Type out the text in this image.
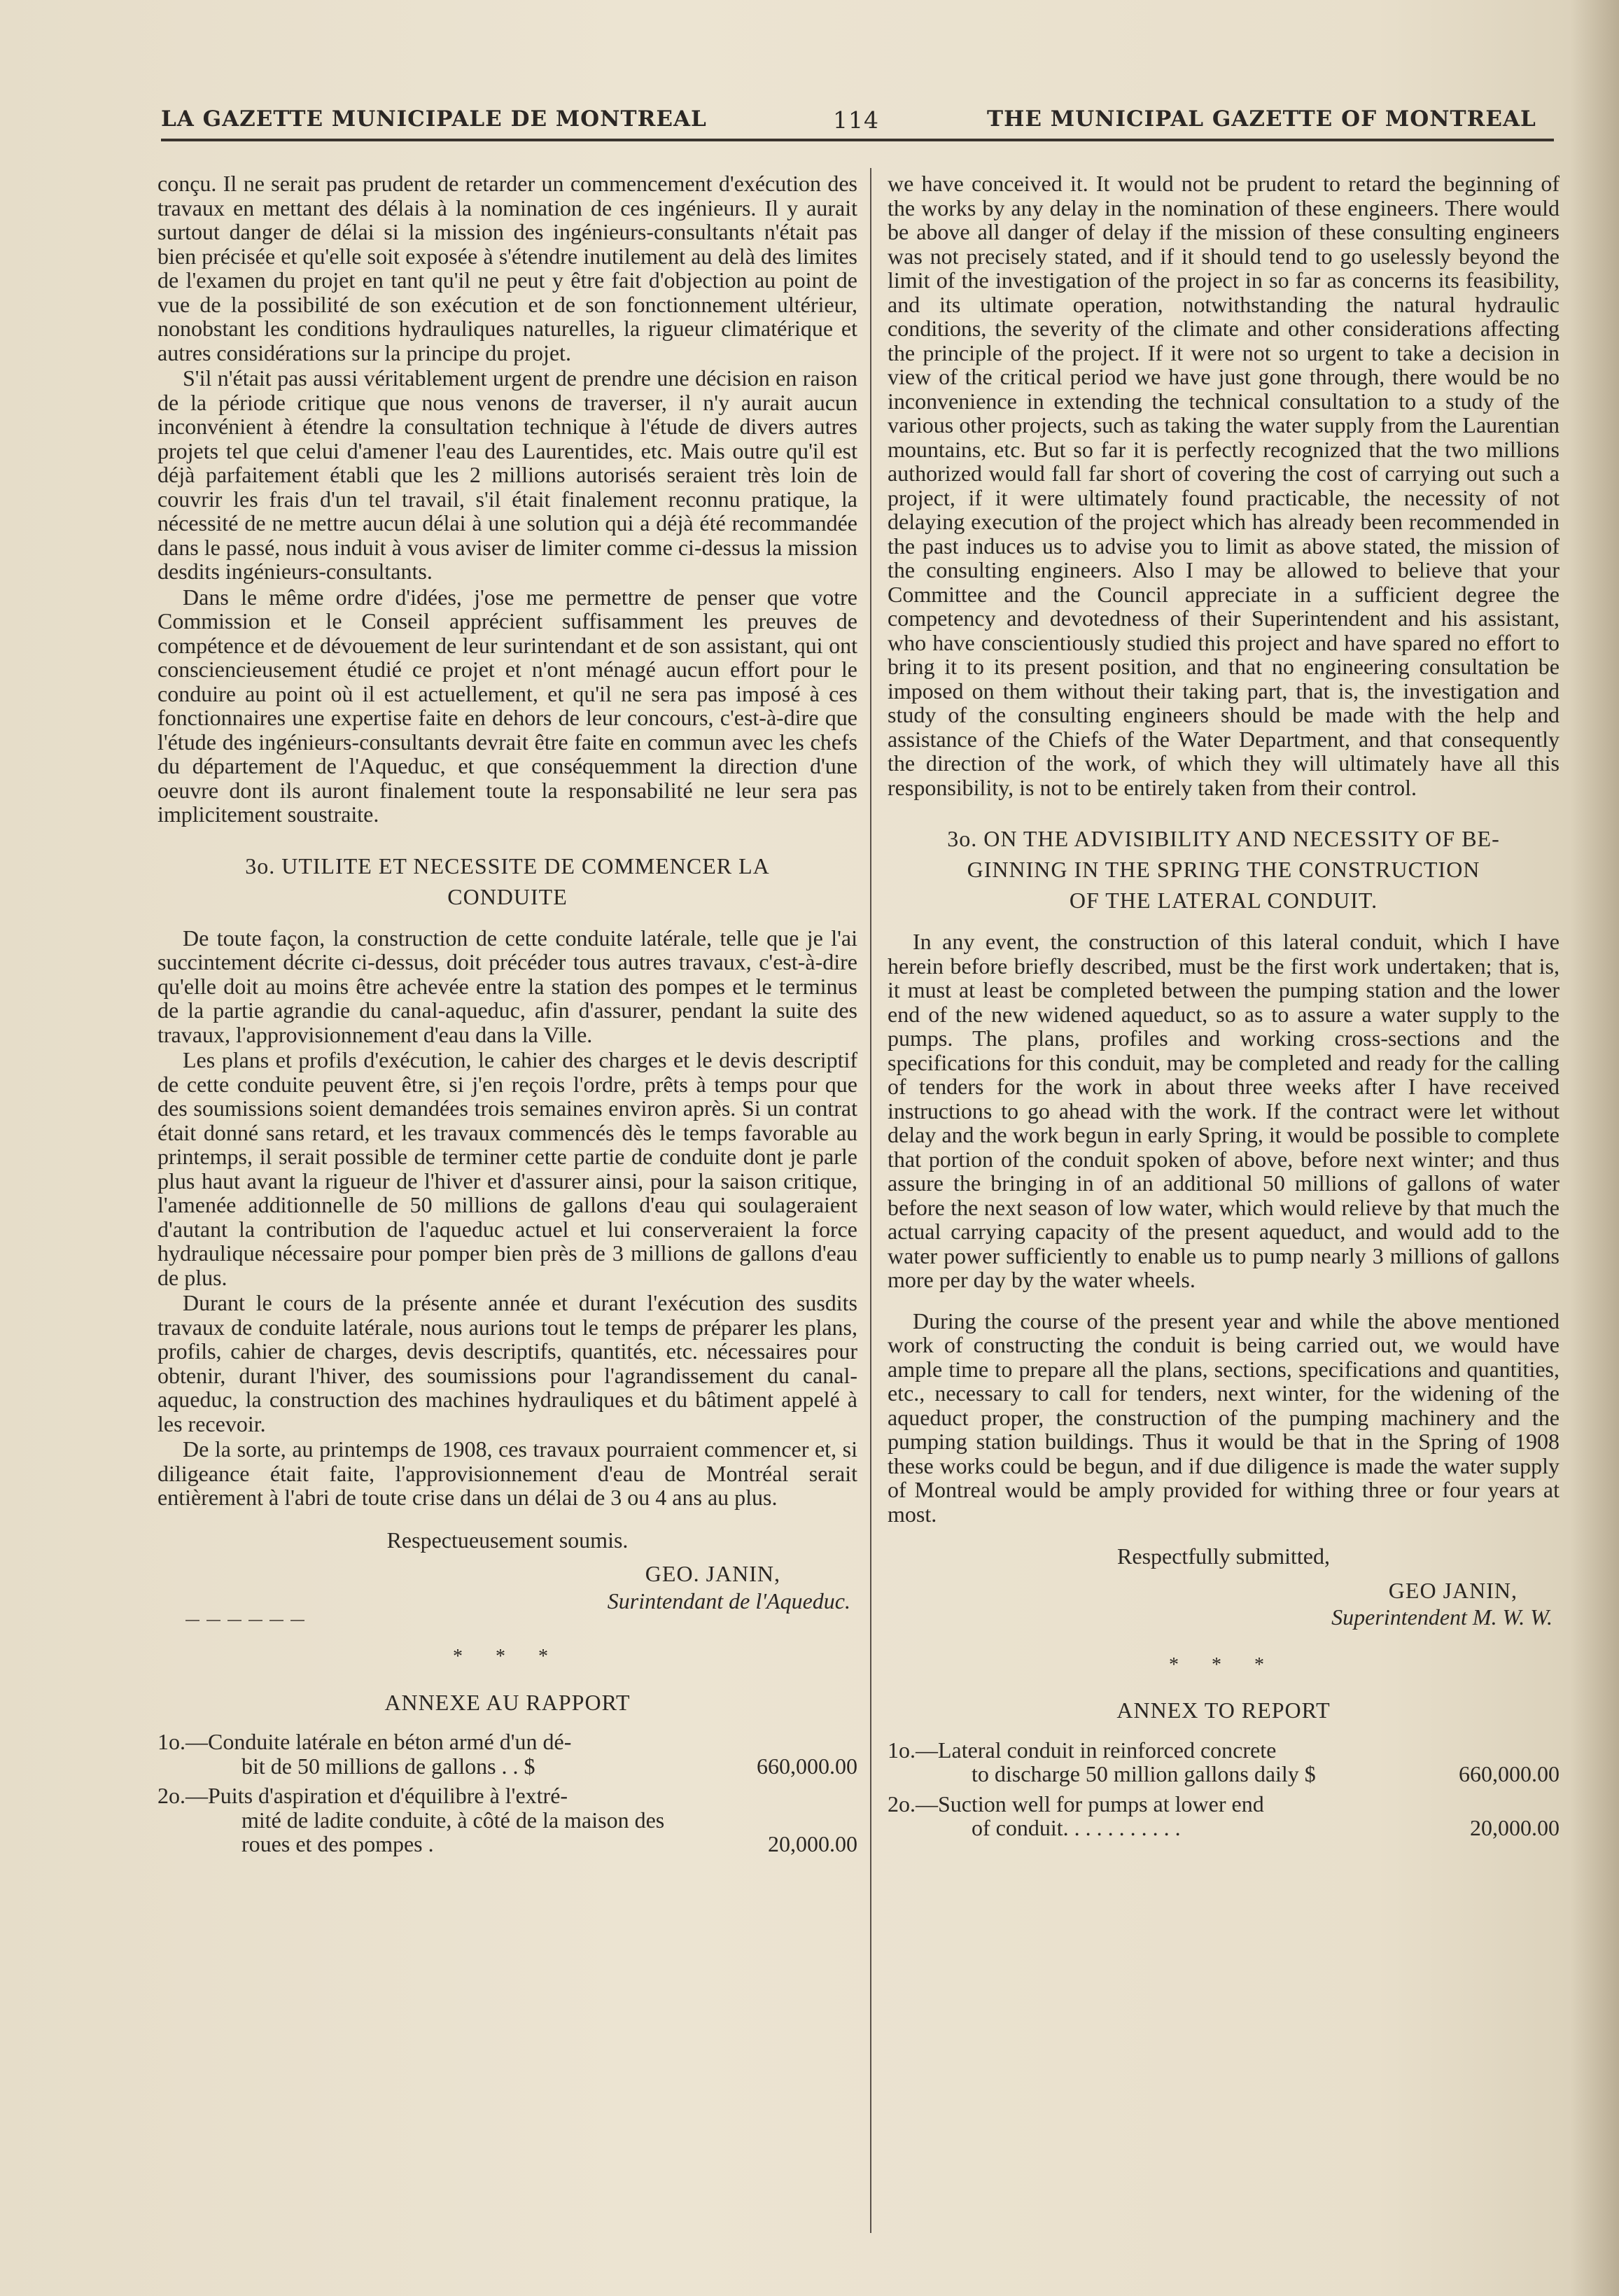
LA GAZETTE MUNICIPALE DE MONTREAL	114	THE MUNICIPAL GAZETTE OF MONTREAL

conçu. Il ne serait pas prudent de retarder un commencement d'exécution des travaux en mettant des délais à la nomination de ces ingénieurs. Il y aurait surtout danger de délai si la mission des ingénieurs-consultants n'était pas bien précisée et qu'elle soit exposée à s'étendre inutilement au delà des limites de l'examen du projet en tant qu'il ne peut y être fait d'objection au point de vue de la possibilité de son exécution et de son fonctionnement ultérieur, nonobstant les conditions hydrauliques naturelles, la rigueur climatérique et autres considérations sur la principe du projet.

S'il n'était pas aussi véritablement urgent de prendre une décision en raison de la période critique que nous venons de traverser, il n'y aurait aucun inconvénient à étendre la consultation technique à l'étude de divers autres projets tel que celui d'amener l'eau des Laurentides, etc. Mais outre qu'il est déjà parfaitement établi que les 2 millions autorisés seraient très loin de couvrir les frais d'un tel travail, s'il était finalement reconnu pratique, la nécessité de ne mettre aucun délai à une solution qui a déjà été recommandée dans le passé, nous induit à vous aviser de limiter comme ci-dessus la mission desdits ingénieurs-consultants.

Dans le même ordre d'idées, j'ose me permettre de penser que votre Commission et le Conseil apprécient suffisamment les preuves de compétence et de dévouement de leur surintendant et de son assistant, qui ont consciencieusement étudié ce projet et n'ont ménagé aucun effort pour le conduire au point où il est actuellement, et qu'il ne sera pas imposé à ces fonctionnaires une expertise faite en dehors de leur concours, c'est-à-dire que l'étude des ingénieurs-consultants devrait être faite en commun avec les chefs du département de l'Aqueduc, et que conséquemment la direction d'une oeuvre dont ils auront finalement toute la responsabilité ne leur sera pas implicitement soustraite.

3o. UTILITE ET NECESSITE DE COMMENCER LA
CONDUITE

De toute façon, la construction de cette conduite latérale, telle que je l'ai succintement décrite ci-dessus, doit précéder tous autres travaux, c'est-à-dire qu'elle doit au moins être achevée entre la station des pompes et le terminus de la partie agrandie du canal-aqueduc, afin d'assurer, pendant la suite des travaux, l'approvisionnement d'eau dans la Ville.

Les plans et profils d'exécution, le cahier des charges et le devis descriptif de cette conduite peuvent être, si j'en reçois l'ordre, prêts à temps pour que des soumissions soient demandées trois semaines environ après. Si un contrat était donné sans retard, et les travaux commencés dès le temps favorable au printemps, il serait possible de terminer cette partie de conduite dont je parle plus haut avant la rigueur de l'hiver et d'assurer ainsi, pour la saison critique, l'amenée additionnelle de 50 millions de gallons d'eau qui soulageraient d'autant la contribution de l'aqueduc actuel et lui conserveraient la force hydraulique nécessaire pour pomper bien près de 3 millions de gallons d'eau de plus.

Durant le cours de la présente année et durant l'exécution des susdits travaux de conduite latérale, nous aurions tout le temps de préparer les plans, profils, cahier de charges, devis descriptifs, quantités, etc. nécessaires pour obtenir, durant l'hiver, des soumissions pour l'agrandissement du canal-aqueduc, la construction des machines hydrauliques et du bâtiment appelé à les recevoir.

De la sorte, au printemps de 1908, ces travaux pourraient commencer et, si diligeance était faite, l'approvisionnement d'eau de Montréal serait entièrement à l'abri de toute crise dans un délai de 3 ou 4 ans au plus.

Respectueusement soumis.
GEO. JANIN,
Surintendant de l'Aqueduc.
* * *
ANNEXE AU RAPPORT
1o.—Conduite latérale en béton armé d'un dé-
bit de 50 millions de gallons . . $	660,000.00
2o.—Puits d'aspiration et d'équilibre à l'extré-
mité de ladite conduite, à côté de la maison des roues et des pompes .	20,000.00

we have conceived it. It would not be prudent to retard the beginning of the works by any delay in the nomination of these engineers. There would be above all danger of delay if the mission of these consulting engineers was not precisely stated, and if it should tend to go uselessly beyond the limit of the investigation of the project in so far as concerns its feasibility, and its ultimate operation, notwithstanding the natural hydraulic conditions, the severity of the climate and other considerations affecting the principle of the project. If it were not so urgent to take a decision in view of the critical period we have just gone through, there would be no inconvenience in extending the technical consultation to a study of the various other projects, such as taking the water supply from the Laurentian mountains, etc. But so far it is perfectly recognized that the two millions authorized would fall far short of covering the cost of carrying out such a project, if it were ultimately found practicable, the necessity of not delaying execution of the project which has already been recommended in the past induces us to advise you to limit as above stated, the mission of the consulting engineers. Also I may be allowed to believe that your Committee and the Council appreciate in a sufficient degree the competency and devotedness of their Superintendent and his assistant, who have conscientiously studied this project and have spared no effort to bring it to its present position, and that no engineering consultation be imposed on them without their taking part, that is, the investigation and study of the consulting engineers should be made with the help and assistance of the Chiefs of the Water Department, and that consequently the direction of the work, of which they will ultimately have all this responsibility, is not to be entirely taken from their control.

3o. ON THE ADVISIBILITY AND NECESSITY OF BE-
GINNING IN THE SPRING THE CONSTRUCTION
OF THE LATERAL CONDUIT.

In any event, the construction of this lateral conduit, which I have herein before briefly described, must be the first work undertaken; that is, it must at least be completed between the pumping station and the lower end of the new widened aqueduct, so as to assure a water supply to the pumps. The plans, profiles and working cross-sections and the specifications for this conduit, may be completed and ready for the calling of tenders for the work in about three weeks after I have received instructions to go ahead with the work. If the contract were let without delay and the work begun in early Spring, it would be possible to complete that portion of the conduit spoken of above, before next winter; and thus assure the bringing in of an additional 50 millions of gallons of water before the next season of low water, which would relieve by that much the actual carrying capacity of the present aqueduct, and would add to the water power sufficiently to enable us to pump nearly 3 millions of gallons more per day by the water wheels.

During the course of the present year and while the above mentioned work of constructing the conduit is being carried out, we would have ample time to prepare all the plans, sections, specifications and quantities, etc., necessary to call for tenders, next winter, for the widening of the aqueduct proper, the construction of the pumping machinery and the pumping station buildings. Thus it would be that in the Spring of 1908 these works could be begun, and if due diligence is made the water supply of Montreal would be amply provided for withing three or four years at most.

Respectfully submitted,
GEO JANIN,
Superintendent M. W. W.
* * *
ANNEX TO REPORT
1o.—Lateral conduit in reinforced concrete
to discharge 50 million gallons daily $	660,000.00
2o.—Suction well for pumps at lower end
of conduit. . . . . . . . . . .	20,000.00
